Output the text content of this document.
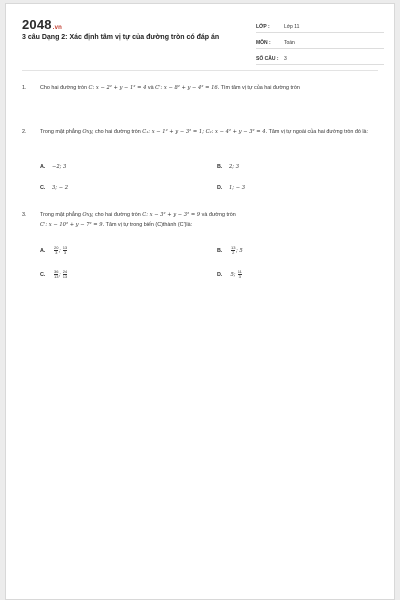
2048.vn
3 câu Dạng 2: Xác định tâm vị tự của đường tròn có đáp án
LỚP :	Lớp 11
MÔN :	Toán
SỐ CÂU :	3
1.	Cho hai đường tròn C: x − 2² + y − 1² = 4 và C': x − 8² + y − 4² = 16. Tìm tâm vị tự của hai đường tròn
2.	Trong mặt phẳng Oxy, cho hai đường tròn C₁: x − 1² + y − 3² = 1; C₂: x − 4² + y − 3² = 4. Tâm vị tự ngoài của hai đường tròn đó là:
A. −2; 3	B. 2; 3
C. 3; − 2	D. 1; − 3
3.	Trong mặt phẳng Oxy, cho hai đường tròn C: x − 3² + y − 3² = 9 và đường tròn
C': x − 10² + y − 7² = 9. Tâm vị tự trong biến (C)thành (C')là:
A. $\frac{20}{3}$ ; $\frac{13}{3}$	B. $\frac{13}{2}$ ; 5
C. $\frac{36}{13}$ ; $\frac{24}{13}$	D. 5; $\frac{11}{3}$
